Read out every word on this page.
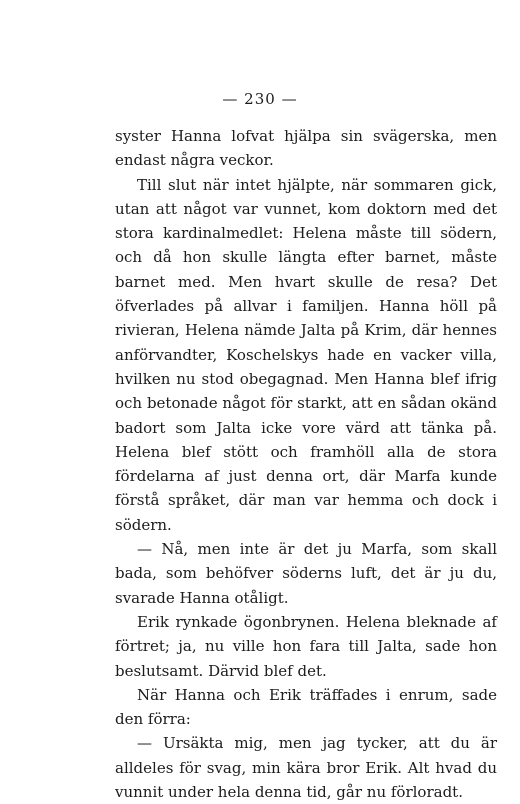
— 230 —

syster Hanna lofvat hjälpa sin svägerska, men endast några veckor.

Till slut när intet hjälpte, när sommaren gick, utan att något var vunnet, kom doktorn med det stora kardinalmedlet: Helena måste till södern, och då hon skulle längta efter barnet, måste barnet med. Men hvart skulle de resa? Det öfverlades på allvar i familjen. Hanna höll på rivieran, Helena nämde Jalta på Krim, där hennes anförvandter, Koschelskys hade en vacker villa, hvilken nu stod obegagnad. Men Hanna blef ifrig och betonade något för starkt, att en sådan okänd badort som Jalta icke vore värd att tänka på. Helena blef stött och framhöll alla de stora fördelarna af just denna ort, där Marfa kunde förstå språket, där man var hemma och dock i södern.

— Nå, men inte är det ju Marfa, som skall bada, som behöfver söderns luft, det är ju du, svarade Hanna otåligt.

Erik rynkade ögonbrynen. Helena bleknade af förtret; ja, nu ville hon fara till Jalta, sade hon beslutsamt. Därvid blef det.

När Hanna och Erik träffades i enrum, sade den förra:

— Ursäkta mig, men jag tycker, att du är alldeles för svag, min kära bror Erik. Alt hvad du vunnit under hela denna tid, går nu förloradt.
